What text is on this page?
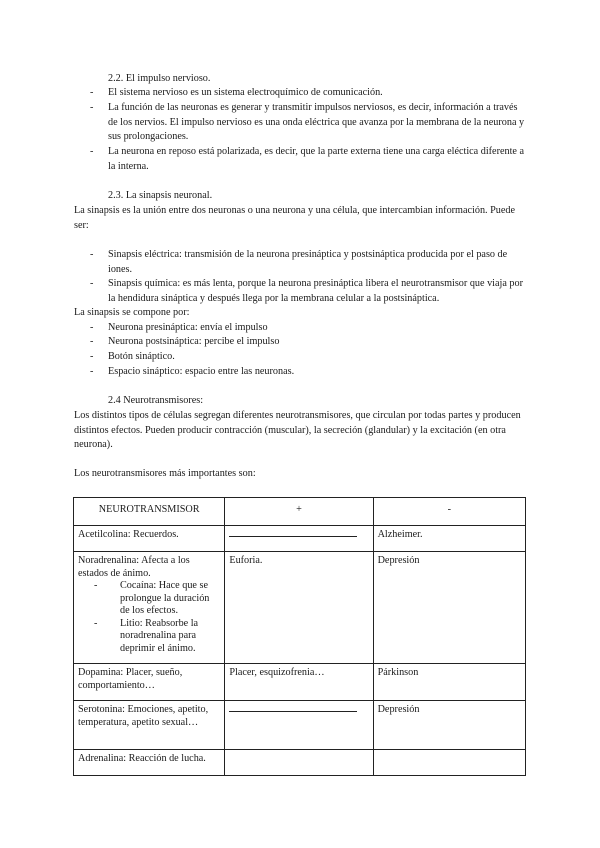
2.2. El impulso nervioso.
- El sistema nervioso es un sistema electroquímico de comunicación.
- La función de las neuronas es generar y transmitir impulsos nerviosos, es decir, información a través de los nervios. El impulso nervioso es una onda eléctrica que avanza por la membrana de la neurona y sus prolongaciones.
- La neurona en reposo está polarizada, es decir, que la parte externa tiene una carga eléctica diferente a la interna.
2.3. La sinapsis neuronal.
La sinapsis es la unión entre dos neuronas o una neurona y una célula, que intercambian información. Puede ser:
- Sinapsis eléctrica: transmisión de la neurona presináptica y postsináptica producida por el paso de iones.
- Sinapsis química: es más lenta, porque la neurona presináptica libera el neurotransmisor que viaja por la hendidura sináptica y después llega por la membrana celular a la postsináptica.
La sinapsis se compone por:
- Neurona presináptica: envía el impulso
- Neurona postsináptica: percibe el impulso
- Botón sináptico.
- Espacio sináptico: espacio entre las neuronas.
2.4 Neurotransmisores:
Los distintos tipos de células segregan diferentes neurotransmisores, que circulan por todas partes y producen distintos efectos. Pueden producir contracción (muscular), la secreción (glandular) y la excitación (en otra neurona).
Los neurotransmisores más importantes son:
NEUROTRANSMISOR	+	-
Acetilcolina: Recuerdos.		Alzheimer.

Noradrenalina: Afecta a los estados de ánimo.
- Cocaína: Hace que se prolongue la duración de los efectos.
- Litio: Reabsorbe la noradrenalina para deprimir el ánimo.	Euforia.	Depresión
Dopamina: Placer, sueño, comportamiento…	Placer, esquizofrenia…	Párkinson
Serotonina: Emociones, apetito, temperatura, apetito sexual…		Depresión
Adrenalina: Reacción de lucha.		
